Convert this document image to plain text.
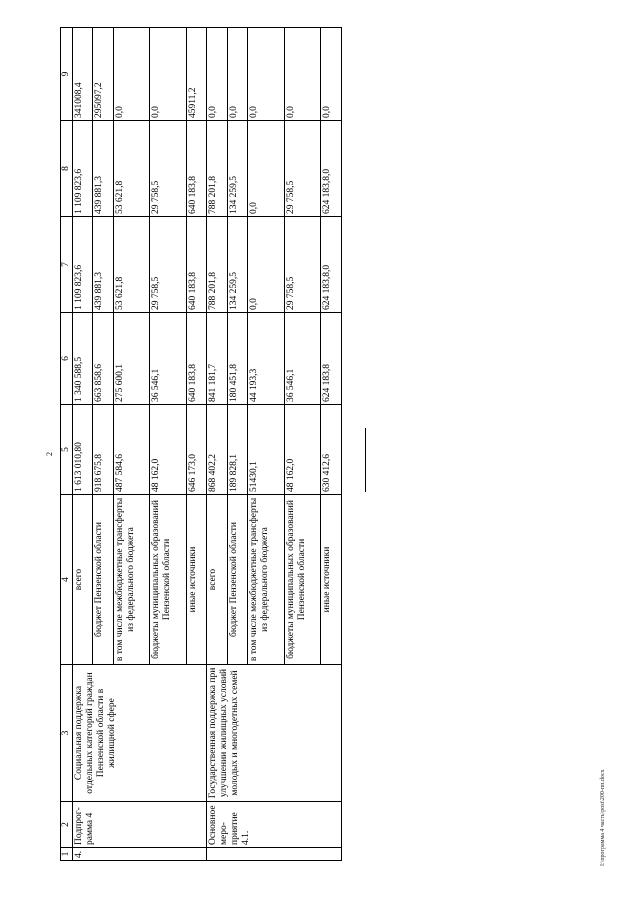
2
1	2	3	4	5	6	7	8	9
4.	Подпрог-рамма 4	Социальная поддержка отдельных категорий граждан Пензенской области в жилищной сфере	всего	1 613 010,80	1 340 588,5	1 109 823,6	1 109 823,6	341008,4
			бюджет Пензенской области	918 675,8	663 858,6	439 881,3	439 881,3	295097,2
			в том числе межбюджетные трансферты из федерального бюджета	487 584,6	275 600,1	53 621,8	53 621,8	0,0
			бюджеты муниципальных образований Пензенской области	48 162,0	36 546,1	29 758,5	29 758,5	0,0
			иные источники	646 173,0	640 183,8	640 183,8	640 183,8	45911,2
	Основное меро-приятие 4.1.	Государственная поддержка при улучшении жилищных условий молодых и многодетных семей	всего	868 402,2	841 181,7	788 201,8	788 201,8	0,0
			бюджет Пензенской области	189 828,1	180 451,8	134 259,5	134 259,5	0,0
			в том числе межбюджетные трансферты из федерального бюджета	51430,1	44 193,3	0,0	0,0	0,0
			бюджеты муниципальных образований Пензенской области	48 162,0	36 546,1	29 758,5	29 758,5	0,0
			иные источники	630 412,6	624 183,8	624 183,8,0	624 183,8,0	0,0
I:\программа 4 часть\post\200-пп.docx
